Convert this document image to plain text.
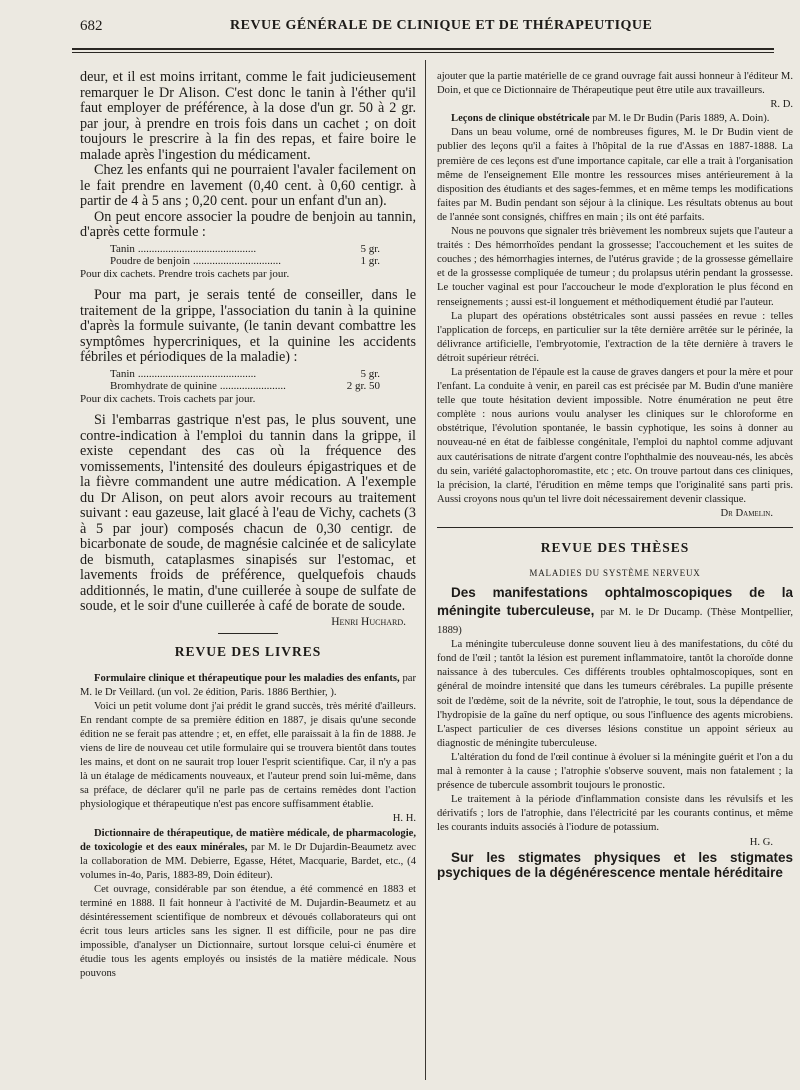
682	REVUE GÉNÉRALE DE CLINIQUE ET DE THÉRAPEUTIQUE

deur, et il est moins irritant, comme le fait judicieusement remarquer le Dr Alison. C'est donc le tanin à l'éther qu'il faut employer de préférence, à la dose d'un gr. 50 à 2 gr. par jour, à prendre en trois fois dans un cachet ; on doit toujours le prescrire à la fin des repas, et faire boire le malade après l'ingestion du médicament.

Chez les enfants qui ne pourraient l'avaler facilement on le fait prendre en lavement (0,40 cent. à 0,60 centigr. à partir de 4 à 5 ans ; 0,20 cent. pour un enfant d'un an).

On peut encore associer la poudre de benjoin au tannin, d'après cette formule :

Tanin ...........................................	5 gr.
Poudre de benjoin ................................	1 gr.
Pour dix cachets. Prendre trois cachets par jour.

Pour ma part, je serais tenté de conseiller, dans le traitement de la grippe, l'association du tanin à la quinine d'après la formule suivante, (le tanin devant combattre les symptômes hypercriniques, et la quinine les accidents fébriles et périodiques de la maladie) :

Tanin ...........................................	5 gr.
Bromhydrate de quinine ........................	2 gr. 50
Pour dix cachets. Trois cachets par jour.

Si l'embarras gastrique n'est pas, le plus souvent, une contre-indication à l'emploi du tannin dans la grippe, il existe cependant des cas où la fréquence des vomissements, l'intensité des douleurs épigastriques et de la fièvre commandent une autre médication. A l'exemple du Dr Alison, on peut alors avoir recours au traitement suivant : eau gazeuse, lait glacé à l'eau de Vichy, cachets (3 à 5 par jour) composés chacun de 0,30 centigr. de bicarbonate de soude, de magnésie calcinée et de salicylate de bismuth, cataplasmes sinapisés sur l'estomac, et lavements froids de préférence, quelquefois chauds additionnés, le matin, d'une cuillerée à soupe de sulfate de soude, et le soir d'une cuillerée à café de borate de soude.

Henri Huchard.
REVUE DES LIVRES

Formulaire clinique et thérapeutique pour les maladies des enfants, par M. le Dr Veillard. (un vol. 2e édition, Paris. 1886 Berthier, ).

Voici un petit volume dont j'ai prédit le grand succès, très mérité d'ailleurs. En rendant compte de sa première édition en 1887, je disais qu'une seconde édition ne se ferait pas attendre ; et, en effet, elle paraissait à la fin de 1888. Je viens de lire de nouveau cet utile formulaire qui se trouvera bientôt dans toutes les mains, et dont on ne saurait trop louer l'esprit scientifique. Car, il n'y a pas là un étalage de médicaments nouveaux, et l'auteur prend soin lui-même, dans sa préface, de déclarer qu'il ne parle pas de certains remèdes dont l'action physiologique et thérapeutique n'est pas encore suffisamment établie.

H. H.

Dictionnaire de thérapeutique, de matière médicale, de pharmacologie, de toxicologie et des eaux minérales, par M. le Dr Dujardin-Beaumetz avec la collaboration de MM. Debierre, Egasse, Hétet, Macquarie, Bardet, etc., (4 volumes in-4o, Paris, 1883-89, Doin éditeur).

Cet ouvrage, considérable par son étendue, a été commencé en 1883 et terminé en 1888. Il fait honneur à l'activité de M. Dujardin-Beaumetz et au désintéressement scientifique de nombreux et dévoués collaborateurs qui ont écrit tous leurs articles sans les signer. Il est difficile, pour ne pas dire impossible, d'analyser un Dictionnaire, surtout lorsque celui-ci énumère et étudie tous les agents employés ou insistés de la matière médicale. Nous pouvons

ajouter que la partie matérielle de ce grand ouvrage fait aussi honneur à l'éditeur M. Doin, et que ce Dictionnaire de Thérapeutique peut être utile aux travailleurs.

R. D.

Leçons de clinique obstétricale par M. le Dr Budin (Paris 1889, A. Doin).

Dans un beau volume, orné de nombreuses figures, M. le Dr Budin vient de publier des leçons qu'il a faites à l'hôpital de la rue d'Assas en 1887-1888. La première de ces leçons est d'une importance capitale, car elle a trait à l'organisation même de l'enseignement Elle montre les ressources mises antérieurement à la disposition des étudiants et des sages-femmes, et en même temps les modifications faites par M. Budin pendant son séjour à la clinique. Les résultats obtenus au bout de l'année sont consignés, chiffres en main ; ils ont été parfaits.

Nous ne pouvons que signaler très brièvement les nombreux sujets que l'auteur a traités : Des hémorrhoïdes pendant la grossesse; l'accouchement et les suites de couches ; des hémorrhagies internes, de l'utérus gravide ; de la grossesse gémellaire et de la grossesse compliquée de tumeur ; du prolapsus utérin pendant la grossesse. Le toucher vaginal est pour l'accoucheur le mode d'exploration le plus fécond en renseignements ; aussi est-il longuement et méthodiquement étudié par l'auteur.

La plupart des opérations obstétricales sont aussi passées en revue : telles l'application de forceps, en particulier sur la tête dernière arrêtée sur le périnée, la délivrance artificielle, l'embryotomie, l'extraction de la tête dernière à travers le détroit supérieur rétréci.

La présentation de l'épaule est la cause de graves dangers et pour la mère et pour l'enfant. La conduite à venir, en pareil cas est précisée par M. Budin d'une manière telle que toute hésitation devient impossible. Notre énumération ne peut être complète : nous aurions voulu analyser les cliniques sur le chloroforme en obstétrique, l'évolution spontanée, le bassin cyphotique, les soins à donner au nouveau-né en état de faiblesse congénitale, l'emploi du naphtol comme adjuvant aux cautérisations de nitrate d'argent contre l'ophthalmie des nouveau-nés, les abcès du sein, variété galactophoromastite, etc ; etc. On trouve partout dans ces cliniques, la précision, la clarté, l'érudition en même temps que l'originalité sans parti pris. Aussi croyons nous qu'un tel livre doit nécessairement devenir classique.

Dr Damelin.
REVUE DES THÈSES
MALADIES DU SYSTÈME NERVEUX

Des manifestations ophtalmoscopiques de la méningite tuberculeuse, par M. le Dr Ducamp. (Thèse Montpellier, 1889)

La méningite tuberculeuse donne souvent lieu à des manifestations, du côté du fond de l'œil ; tantôt la lésion est purement inflammatoire, tantôt la choroïde donne naissance à des tubercules. Ces différents troubles ophtalmoscopiques, sont en général de moindre intensité que dans les tumeurs cérébrales. La pupille présente soit de l'œdème, soit de la névrite, soit de l'atrophie, le tout, sous la dépendance de l'hydropisie de la gaîne du nerf optique, ou sous l'influence des agents microbiens. L'aspect particulier de ces diverses lésions constitue un appoint sérieux au diagnostic de méningite tuberculeuse.

L'altération du fond de l'œil continue à évoluer si la méningite guérit et l'on a du mal à remonter à la cause ; l'atrophie s'observe souvent, mais non fatalement ; la présence de tubercule assombrit toujours le pronostic.

Le traitement à la période d'inflammation consiste dans les révulsifs et les dérivatifs ; lors de l'atrophie, dans l'électricité par les courants continus, et même les courants induits associés à l'iodure de potassium.

H. G.

Sur les stigmates physiques et les stigmates psychiques de la dégénérescence mentale héréditaire
